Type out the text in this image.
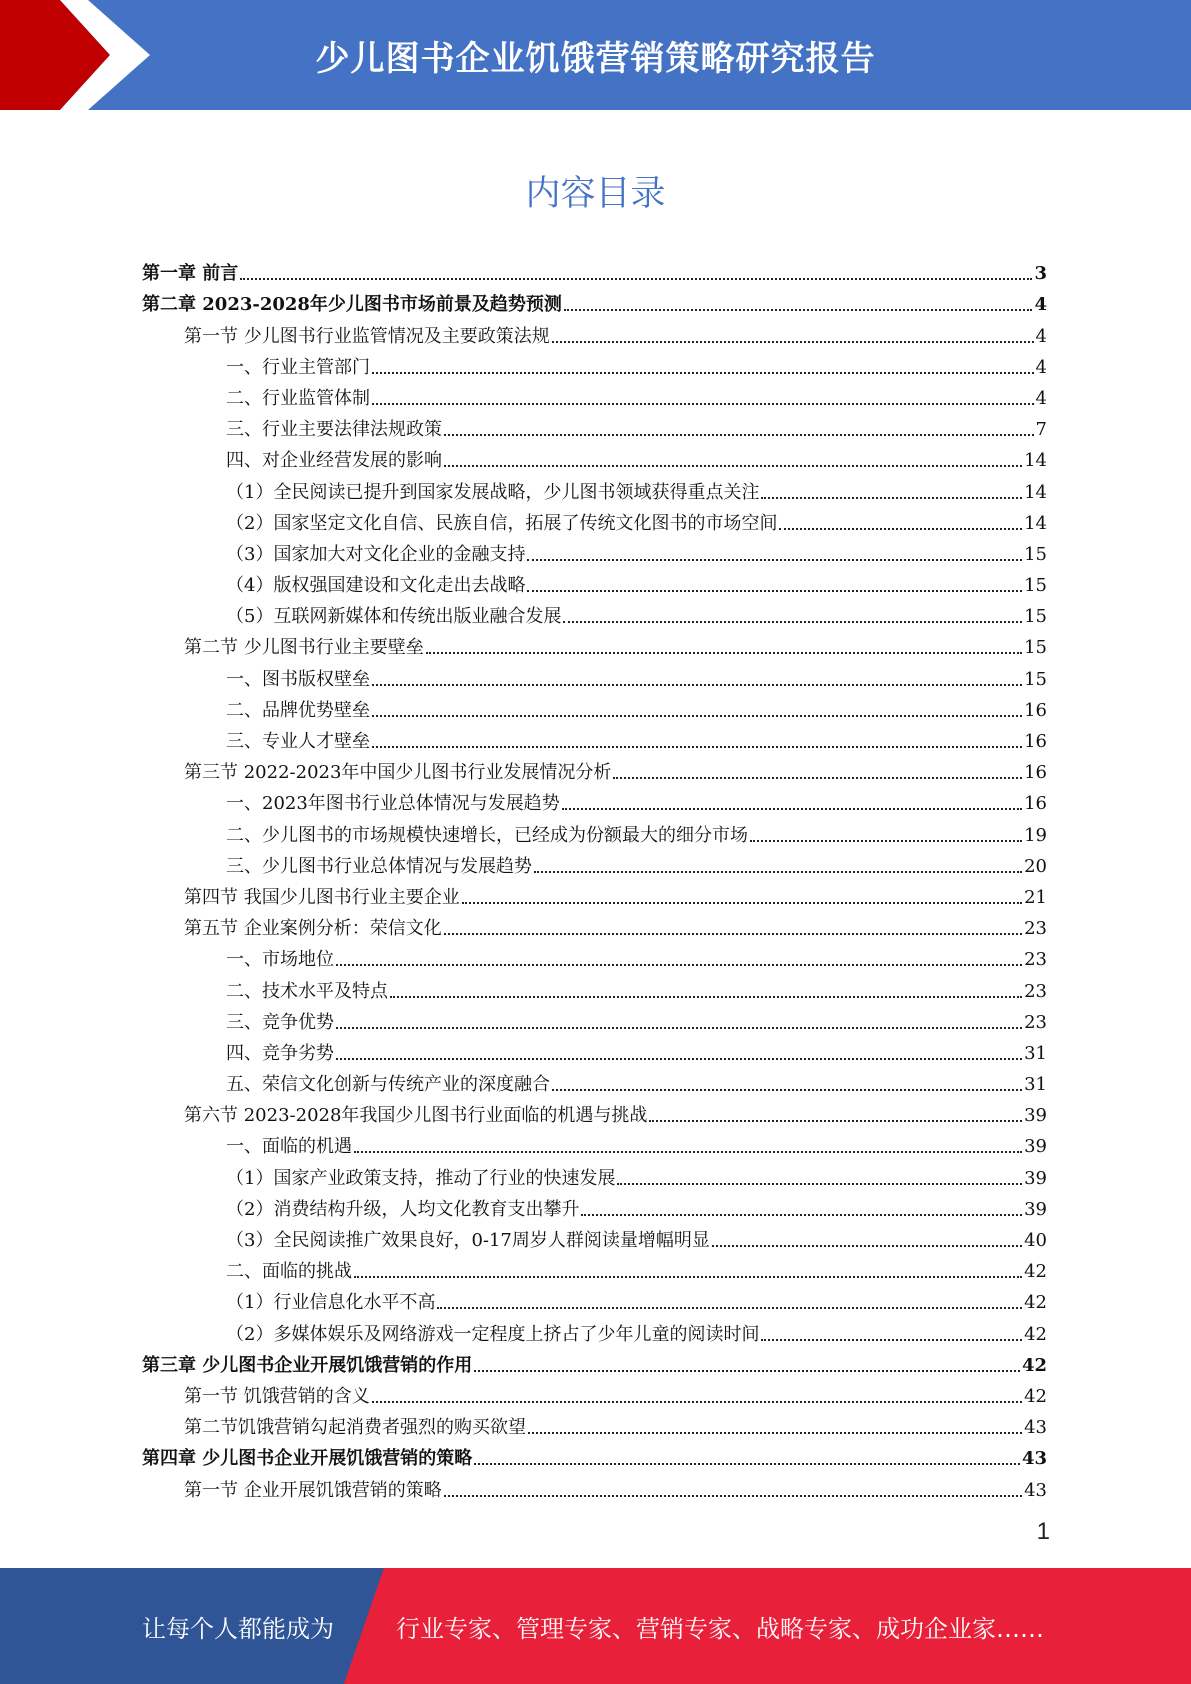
少儿图书企业饥饿营销策略研究报告
内容目录
第一章 前言	3
第二章 2023-2028年少儿图书市场前景及趋势预测	4
第一节 少儿图书行业监管情况及主要政策法规	4
一、行业主管部门	4
二、行业监管体制	4
三、行业主要法律法规政策	7
四、对企业经营发展的影响	14
（1）全民阅读已提升到国家发展战略，少儿图书领域获得重点关注	14
（2）国家坚定文化自信、民族自信，拓展了传统文化图书的市场空间	14
（3）国家加大对文化企业的金融支持	15
（4）版权强国建设和文化走出去战略	15
（5）互联网新媒体和传统出版业融合发展	15
第二节 少儿图书行业主要壁垒	15
一、图书版权壁垒	15
二、品牌优势壁垒	16
三、专业人才壁垒	16
第三节 2022-2023年中国少儿图书行业发展情况分析	16
一、2023年图书行业总体情况与发展趋势	16
二、少儿图书的市场规模快速增长，已经成为份额最大的细分市场	19
三、少儿图书行业总体情况与发展趋势	20
第四节 我国少儿图书行业主要企业	21
第五节 企业案例分析：荣信文化	23
一、市场地位	23
二、技术水平及特点	23
三、竞争优势	23
四、竞争劣势	31
五、荣信文化创新与传统产业的深度融合	31
第六节 2023-2028年我国少儿图书行业面临的机遇与挑战	39
一、面临的机遇	39
（1）国家产业政策支持，推动了行业的快速发展	39
（2）消费结构升级，人均文化教育支出攀升	39
（3）全民阅读推广效果良好，0-17周岁人群阅读量增幅明显	40
二、面临的挑战	42
（1）行业信息化水平不高	42
（2）多媒体娱乐及网络游戏一定程度上挤占了少年儿童的阅读时间	42
第三章 少儿图书企业开展饥饿营销的作用	42
第一节 饥饿营销的含义	42
第二节饥饿营销勾起消费者强烈的购买欲望	43
第四章 少儿图书企业开展饥饿营销的策略	43
第一节 企业开展饥饿营销的策略	43
1
让每个人都能成为	行业专家、管理专家、营销专家、战略专家、成功企业家……
